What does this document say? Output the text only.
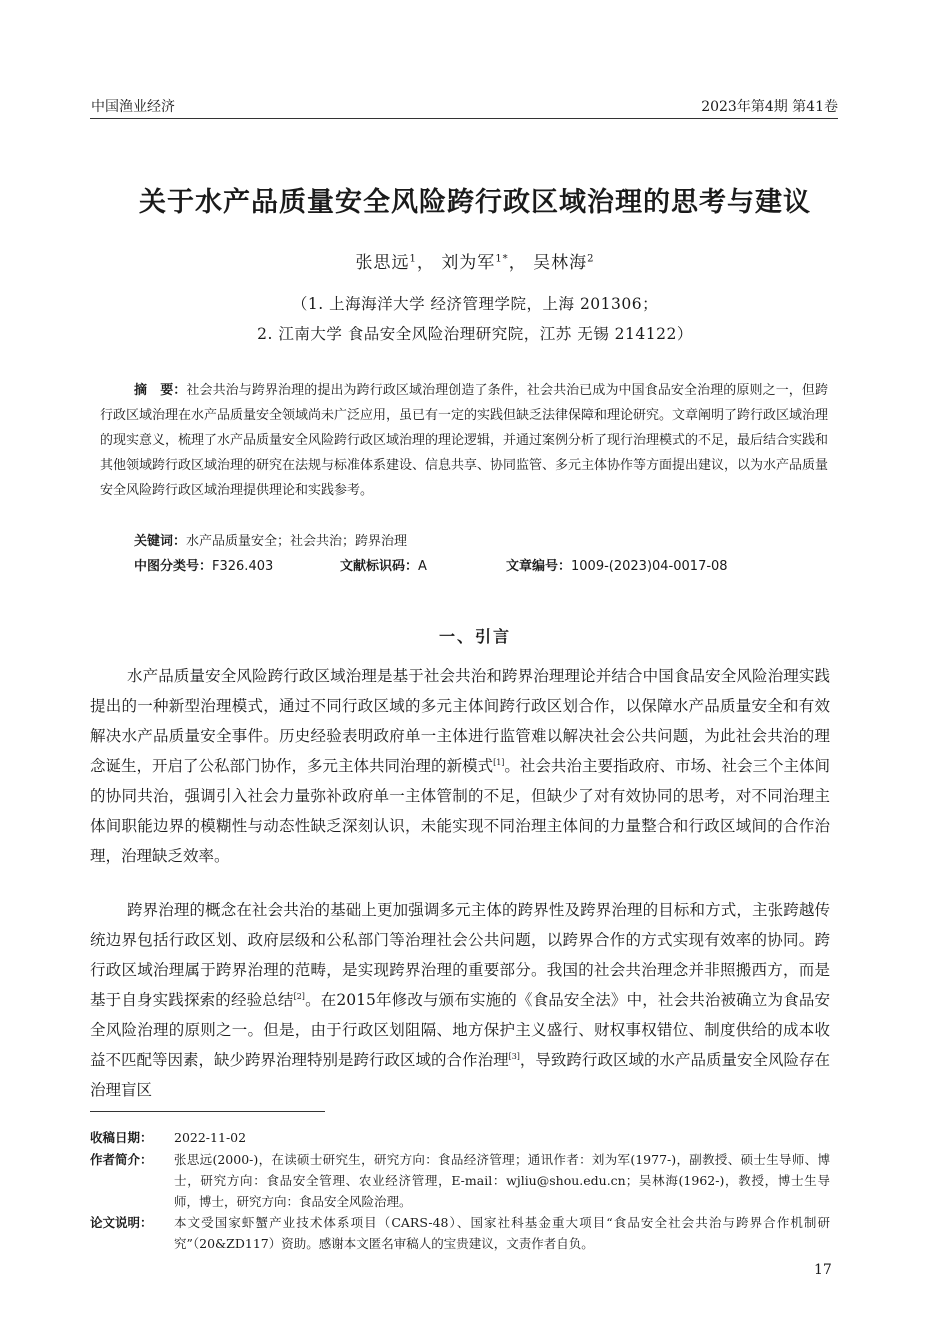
中国渔业经济	2023年第4期 第41卷
关于水产品质量安全风险跨行政区域治理的思考与建议
张思远$^1$， 刘为军$^{1*}$， 吴林海$^2$
（1. 上海海洋大学 经济管理学院，上海 201306；
2. 江南大学 食品安全风险治理研究院，江苏 无锡 214122）
摘　要：社会共治与跨界治理的提出为跨行政区域治理创造了条件，社会共治已成为中国食品安全治理的原则之一，但跨行政区域治理在水产品质量安全领域尚未广泛应用，虽已有一定的实践但缺乏法律保障和理论研究。文章阐明了跨行政区域治理的现实意义，梳理了水产品质量安全风险跨行政区域治理的理论逻辑，并通过案例分析了现行治理模式的不足，最后结合实践和其他领域跨行政区域治理的研究在法规与标准体系建设、信息共享、协同监管、多元主体协作等方面提出建议，以为水产品质量安全风险跨行政区域治理提供理论和实践参考。
关键词：水产品质量安全；社会共治；跨界治理
中图分类号：F326.403	文献标识码：A	文章编号：1009-(2023)04-0017-08
一、引言

水产品质量安全风险跨行政区域治理是基于社会共治和跨界治理理论并结合中国食品安全风险治理实践提出的一种新型治理模式，通过不同行政区域的多元主体间跨行政区划合作，以保障水产品质量安全和有效解决水产品质量安全事件。历史经验表明政府单一主体进行监管难以解决社会公共问题，为此社会共治的理念诞生，开启了公私部门协作，多元主体共同治理的新模式[1]。社会共治主要指政府、市场、社会三个主体间的协同共治，强调引入社会力量弥补政府单一主体管制的不足，但缺少了对有效协同的思考，对不同治理主体间职能边界的模糊性与动态性缺乏深刻认识，未能实现不同治理主体间的力量整合和行政区域间的合作治理，治理缺乏效率。

跨界治理的概念在社会共治的基础上更加强调多元主体的跨界性及跨界治理的目标和方式，主张跨越传统边界包括行政区划、政府层级和公私部门等治理社会公共问题，以跨界合作的方式实现有效率的协同。跨行政区域治理属于跨界治理的范畴，是实现跨界治理的重要部分。我国的社会共治理念并非照搬西方，而是基于自身实践探索的经验总结[2]。在2015年修改与颁布实施的《食品安全法》中，社会共治被确立为食品安全风险治理的原则之一。但是，由于行政区划阻隔、地方保护主义盛行、财权事权错位、制度供给的成本收益不匹配等因素，缺少跨界治理特别是跨行政区域的合作治理[3]，导致跨行政区域的水产品质量安全风险存在治理盲区

收稿日期： 2022-11-02
作者简介： 张思远(2000-)，在读硕士研究生，研究方向：食品经济管理；通讯作者：刘为军(1977-)，副教授、硕士生导师、博士，研究方向：食品安全管理、农业经济管理，E-mail：wjliu@shou.edu.cn；吴林海(1962-)，教授，博士生导师，博士，研究方向：食品安全风险治理。
论文说明： 本文受国家虾蟹产业技术体系项目（CARS-48）、国家社科基金重大项目“食品安全社会共治与跨界合作机制研究”（20&ZD117）资助。感谢本文匿名审稿人的宝贵建议，文责作者自负。
17
